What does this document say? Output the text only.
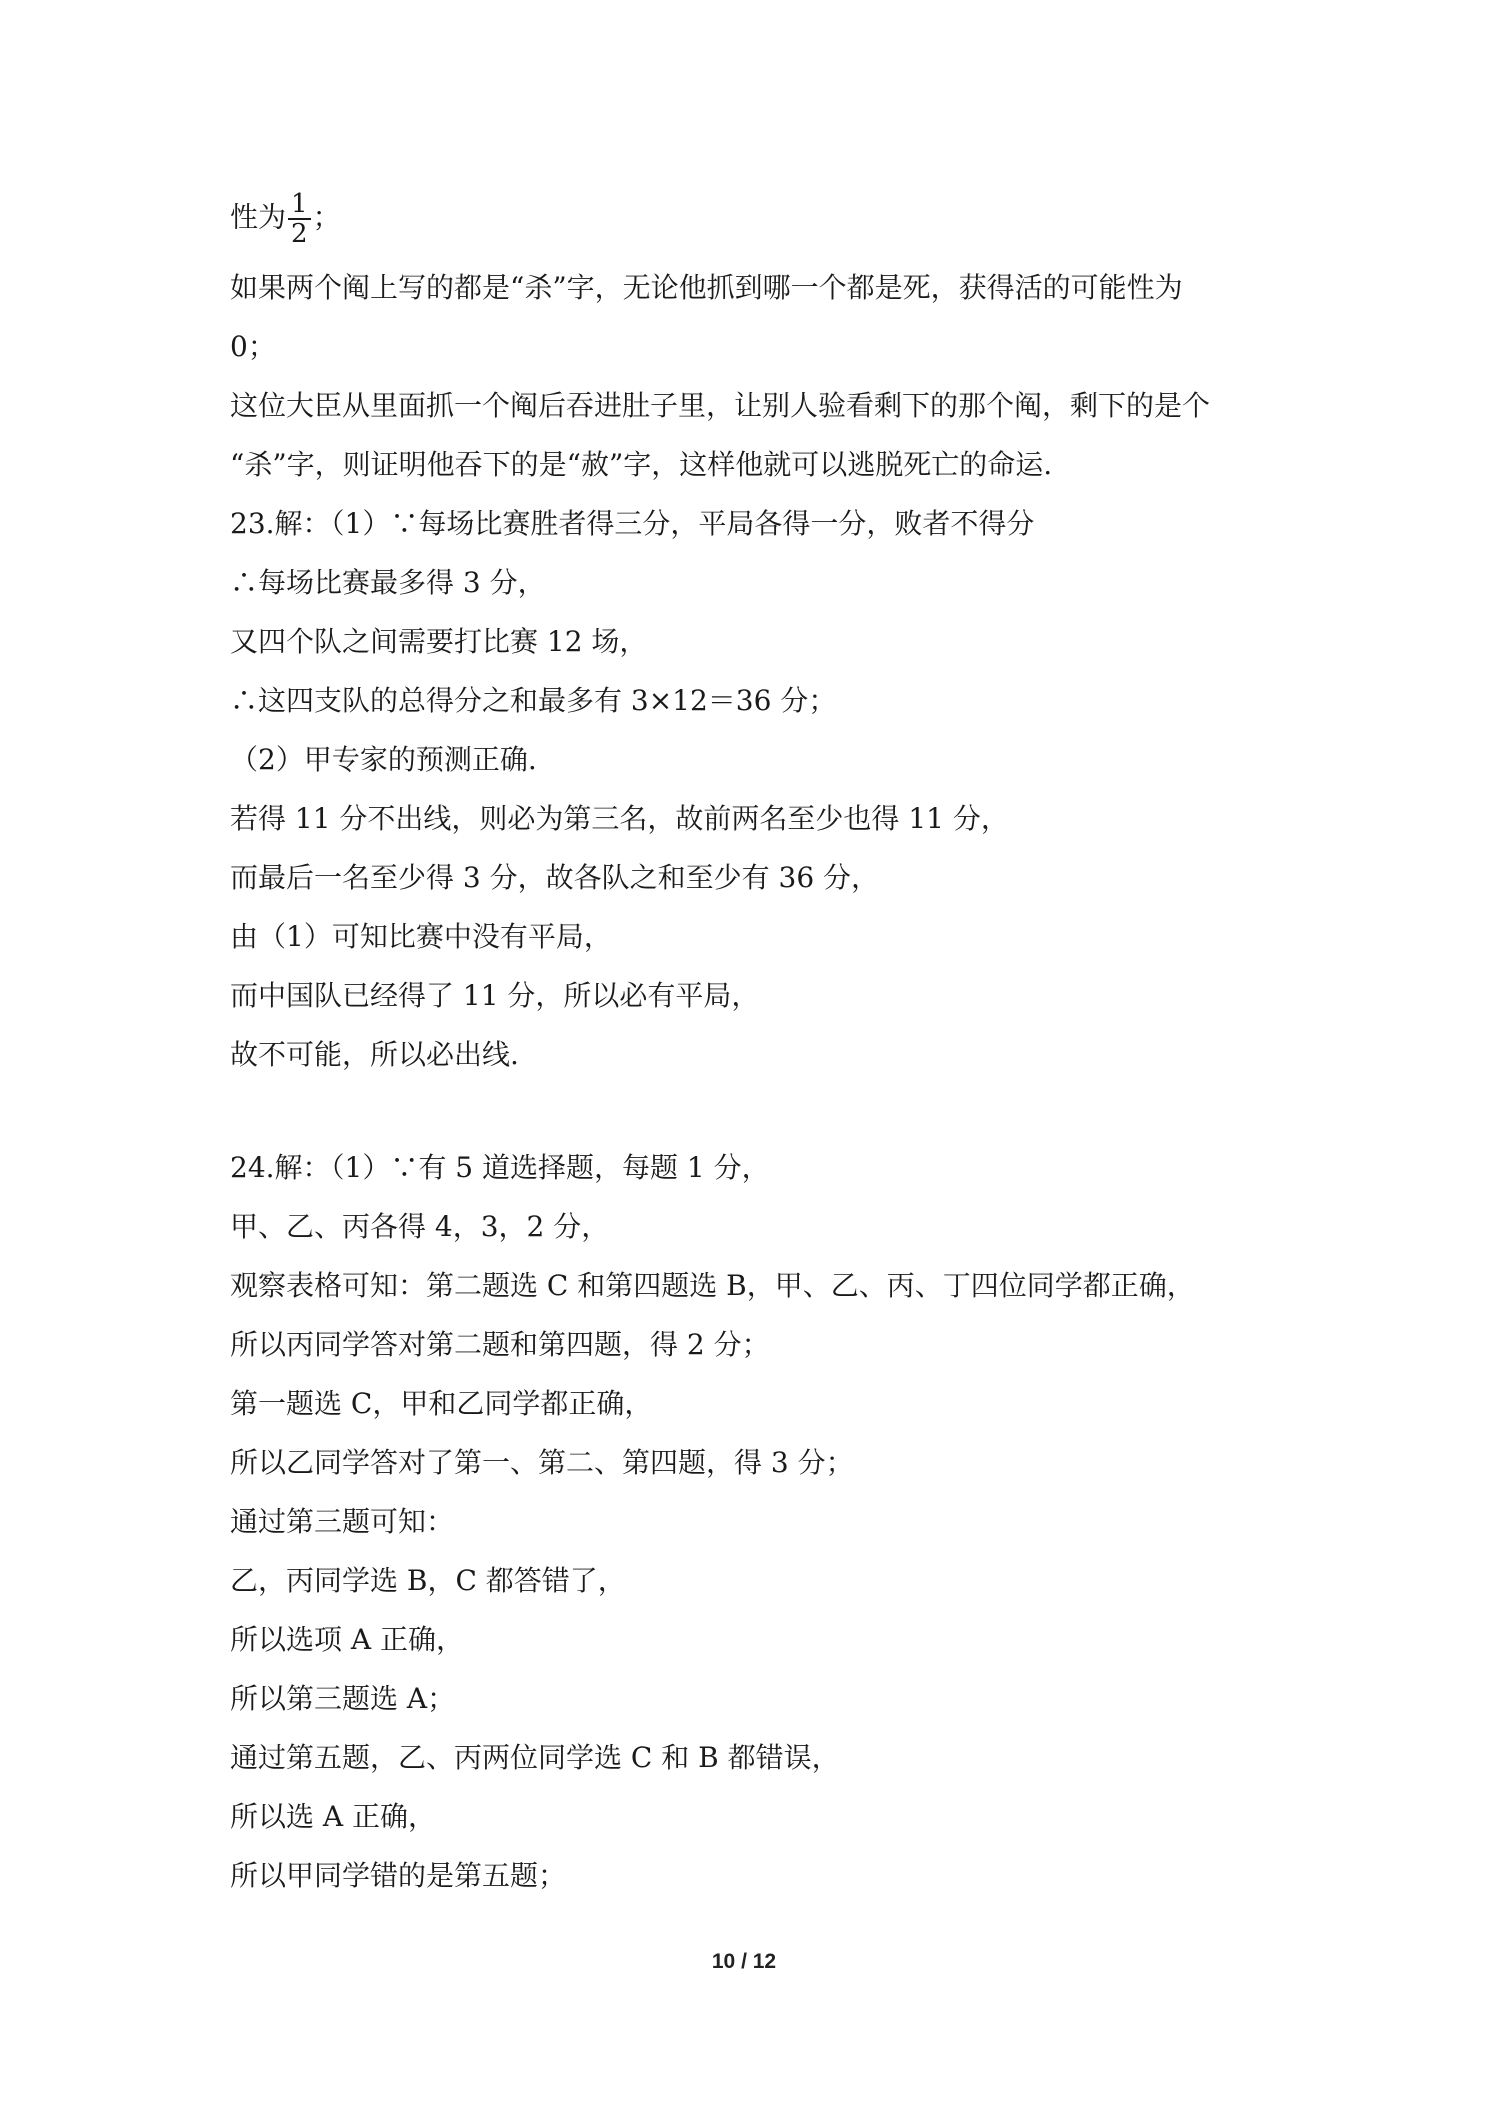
性为 $\frac{1}{2}$ ；
如果两个阄上写的都是“杀”字，无论他抓到哪一个都是死，获得活的可能性为
0；
这位大臣从里面抓一个阄后吞进肚子里，让别人验看剩下的那个阄，剩下的是个
“杀”字，则证明他吞下的是“赦”字，这样他就可以逃脱死亡的命运.
23.解：（1）∵每场比赛胜者得三分，平局各得一分，败者不得分
∴每场比赛最多得 3 分，
又四个队之间需要打比赛 12 场，
∴这四支队的总得分之和最多有 3×12＝36 分；
（2）甲专家的预测正确.
若得 11 分不出线，则必为第三名，故前两名至少也得 11 分，
而最后一名至少得 3 分，故各队之和至少有 36 分，
由（1）可知比赛中没有平局，
而中国队已经得了 11 分，所以必有平局，
故不可能，所以必出线.
24.解：（1）∵有 5 道选择题，每题 1 分，
甲、乙、丙各得 4，3，2 分，
观察表格可知：第二题选 C 和第四题选 B，甲、乙、丙、丁四位同学都正确，
所以丙同学答对第二题和第四题，得 2 分；
第一题选 C，甲和乙同学都正确，
所以乙同学答对了第一、第二、第四题，得 3 分；
通过第三题可知：
乙，丙同学选 B，C 都答错了，
所以选项 A 正确，
所以第三题选 A；
通过第五题，乙、丙两位同学选 C 和 B 都错误，
所以选 A 正确，
所以甲同学错的是第五题；
10 / 12
